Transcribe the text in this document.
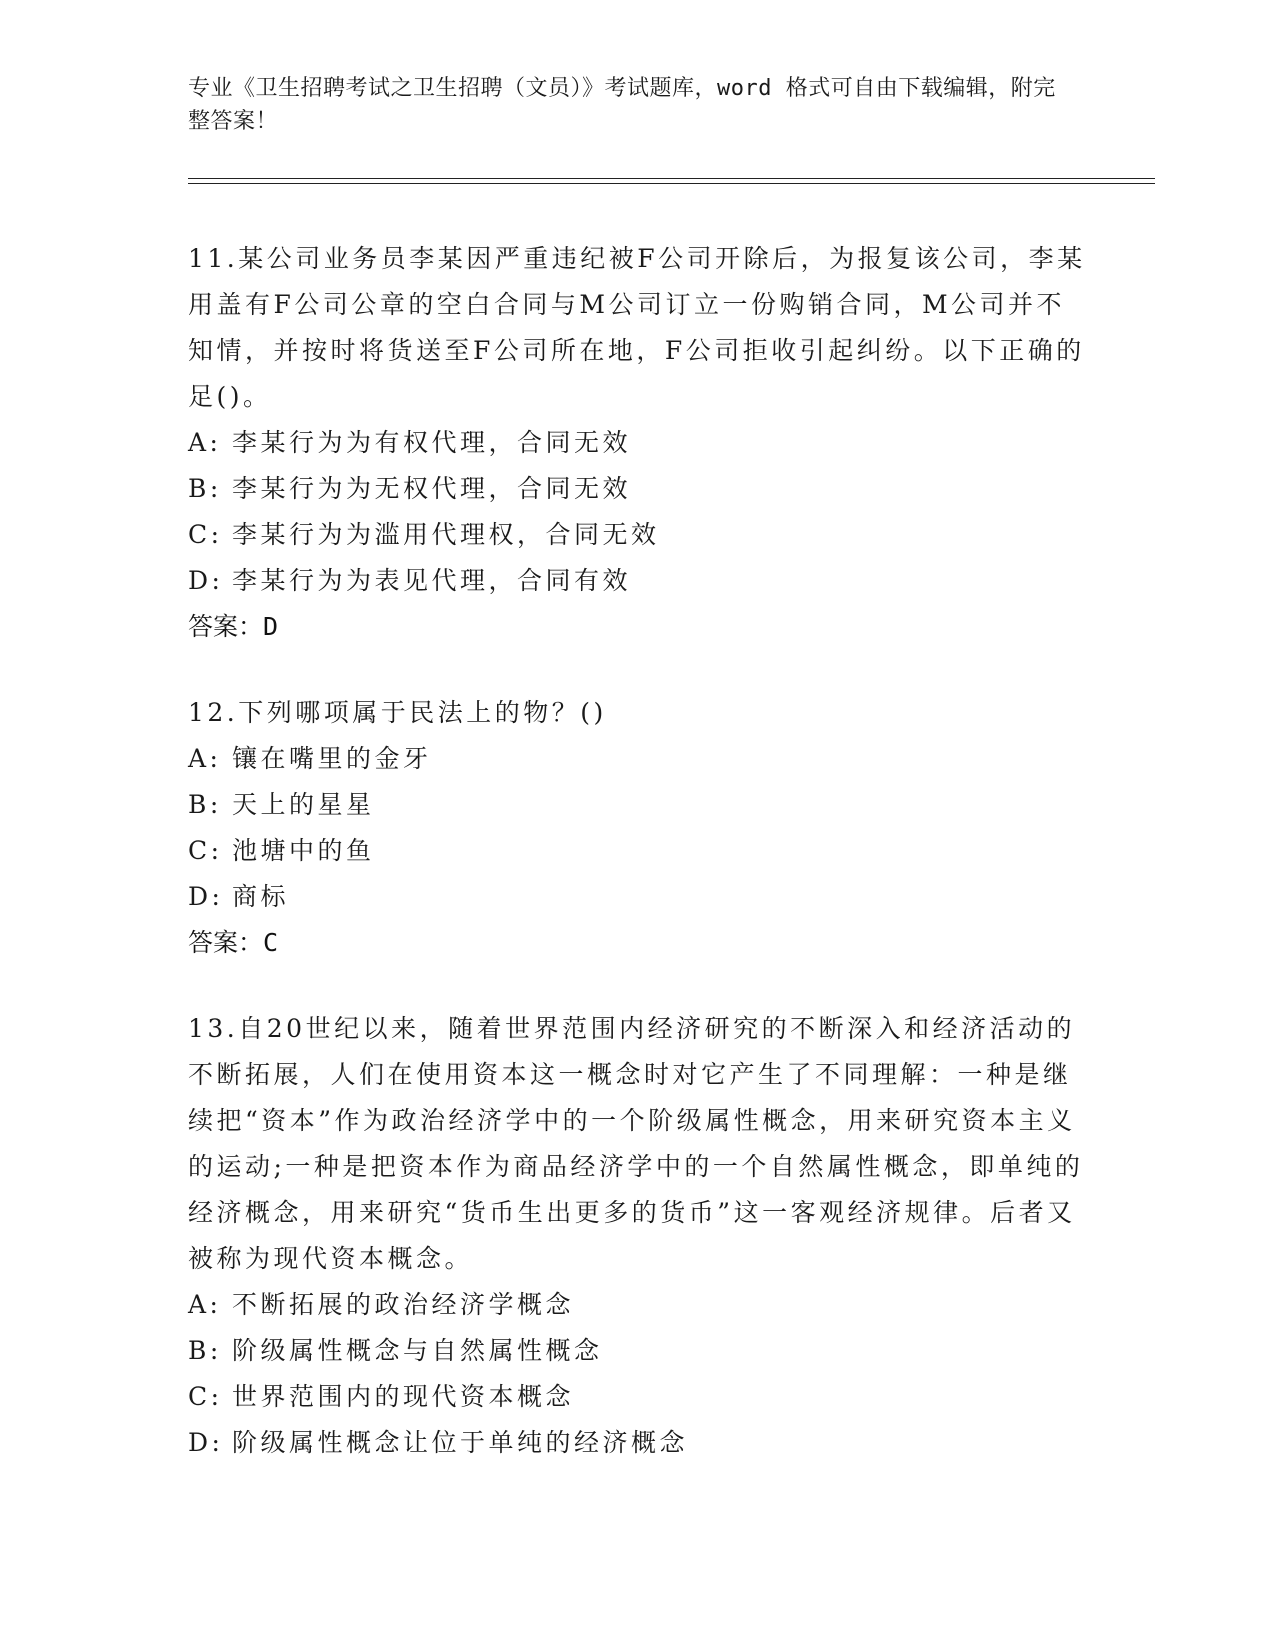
专业《卫生招聘考试之卫生招聘（文员）》考试题库，word 格式可自由下载编辑，附完整答案！

11.某公司业务员李某因严重违纪被F公司开除后，为报复该公司，李某用盖有F公司公章的空白合同与M公司订立一份购销合同，M公司并不知情，并按时将货送至F公司所在地，F公司拒收引起纠纷。以下正确的足()。

A: 李某行为为有权代理，合同无效

B: 李某行为为无权代理，合同无效

C: 李某行为为滥用代理权，合同无效

D: 李某行为为表见代理，合同有效

答案：D

12.下列哪项属于民法上的物？()

A: 镶在嘴里的金牙

B: 天上的星星

C: 池塘中的鱼

D: 商标

答案：C

13.自20世纪以来，随着世界范围内经济研究的不断深入和经济活动的不断拓展，人们在使用资本这一概念时对它产生了不同理解：一种是继续把“资本”作为政治经济学中的一个阶级属性概念，用来研究资本主义的运动;一种是把资本作为商品经济学中的一个自然属性概念，即单纯的经济概念，用来研究“货币生出更多的货币”这一客观经济规律。后者又被称为现代资本概念。

A: 不断拓展的政治经济学概念

B: 阶级属性概念与自然属性概念

C: 世界范围内的现代资本概念

D: 阶级属性概念让位于单纯的经济概念
